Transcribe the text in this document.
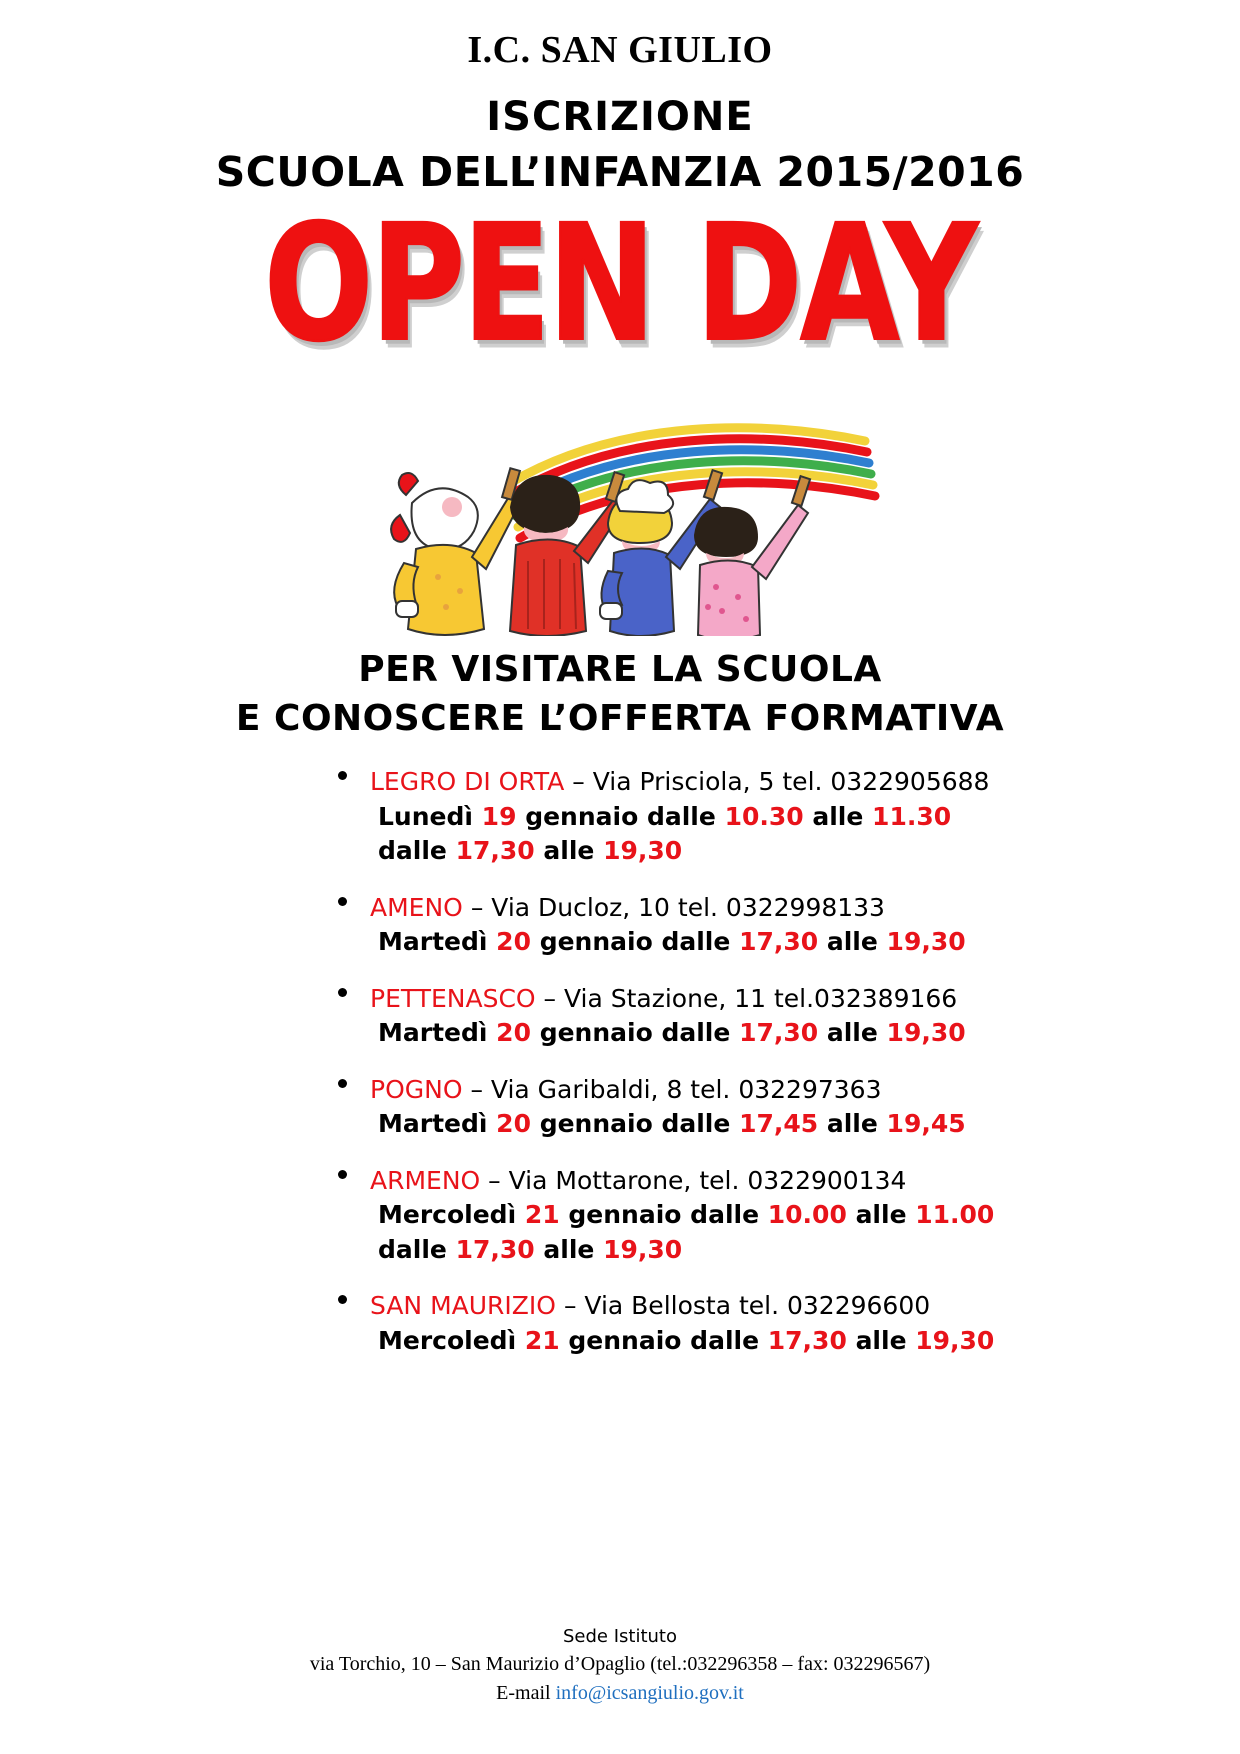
I.C. SAN GIULIO
ISCRIZIONE
SCUOLA DELL’INFANZIA 2015/2016
OPEN DAY
PER VISITARE LA SCUOLA
E CONOSCERE L’OFFERTA FORMATIVA
LEGRO DI ORTA – Via Prisciola, 5 tel. 0322905688
Lunedì 19 gennaio dalle 10.30 alle 11.30
dalle 17,30 alle 19,30
AMENO – Via Ducloz, 10 tel. 0322998133
Martedì 20 gennaio dalle 17,30 alle 19,30
PETTENASCO – Via Stazione, 11 tel.032389166
Martedì 20 gennaio dalle 17,30 alle 19,30
POGNO – Via Garibaldi, 8 tel. 032297363
Martedì 20 gennaio dalle 17,45 alle 19,45
ARMENO – Via Mottarone, tel. 0322900134
Mercoledì 21 gennaio dalle 10.00 alle 11.00
dalle 17,30 alle 19,30
SAN MAURIZIO – Via Bellosta tel. 032296600
Mercoledì 21 gennaio dalle 17,30 alle 19,30
Sede Istituto
via Torchio, 10 – San Maurizio d’Opaglio (tel.:032296358 – fax: 032296567)
E-mail info@icsangiulio.gov.it
